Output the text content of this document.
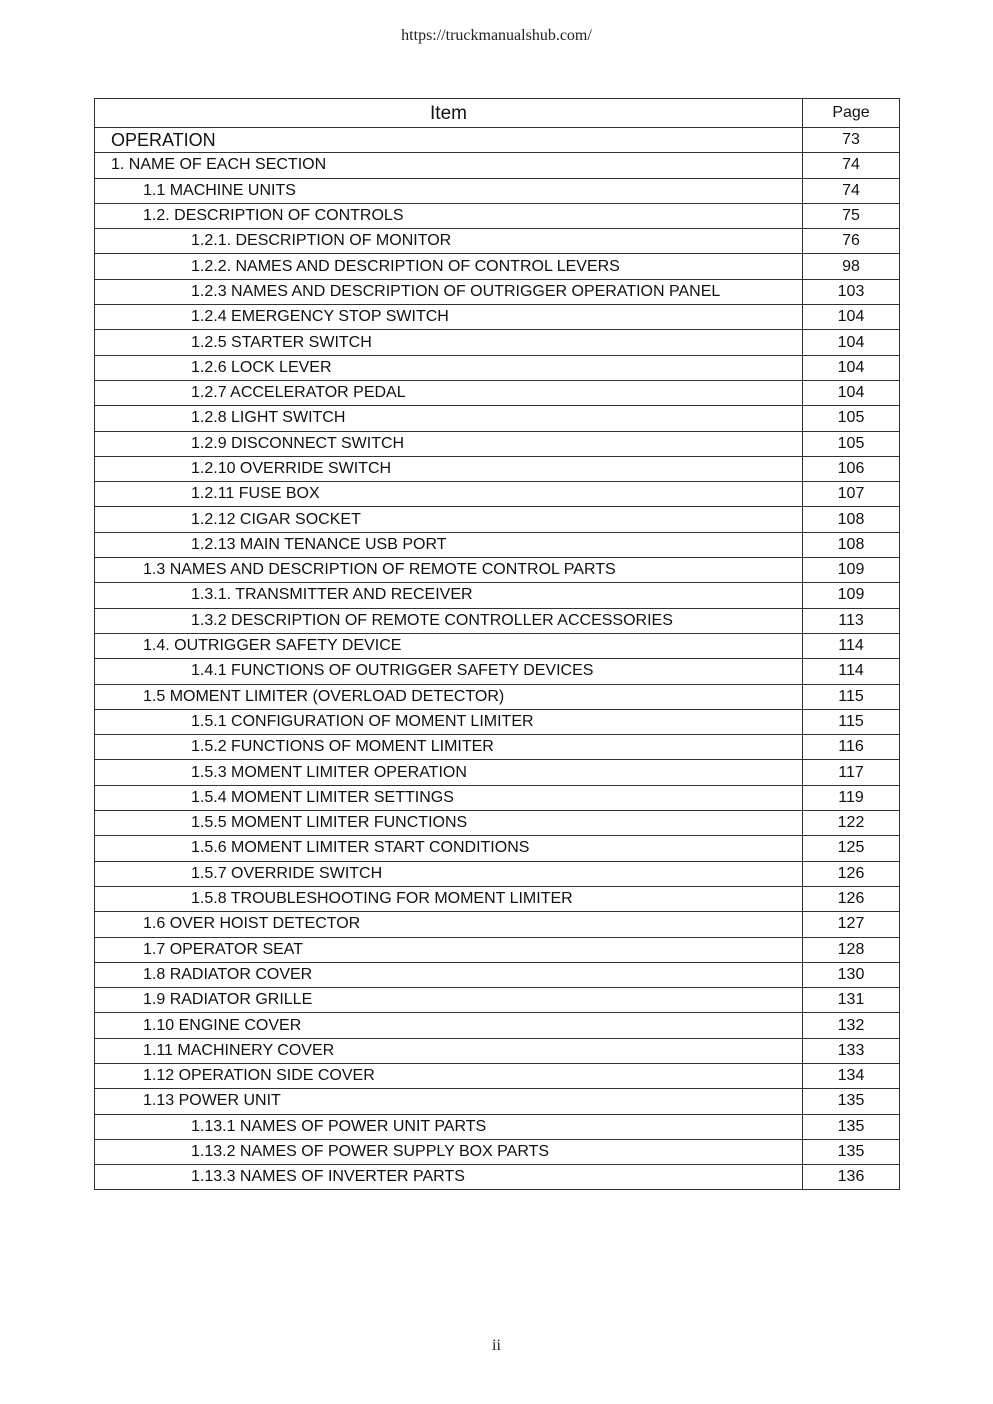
https://truckmanualshub.com/
Item	Page
OPERATION	73
1. NAME OF EACH SECTION	74
1.1 MACHINE UNITS	74
1.2. DESCRIPTION OF CONTROLS	75
1.2.1. DESCRIPTION OF MONITOR	76
1.2.2. NAMES AND DESCRIPTION OF CONTROL LEVERS	98
1.2.3 NAMES AND DESCRIPTION OF OUTRIGGER OPERATION PANEL	103
1.2.4 EMERGENCY STOP SWITCH	104
1.2.5 STARTER SWITCH	104
1.2.6 LOCK LEVER	104
1.2.7 ACCELERATOR PEDAL	104
1.2.8 LIGHT SWITCH	105
1.2.9 DISCONNECT SWITCH	105
1.2.10 OVERRIDE SWITCH	106
1.2.11 FUSE BOX	107
1.2.12 CIGAR SOCKET	108
1.2.13 MAIN TENANCE USB PORT	108
1.3 NAMES AND DESCRIPTION OF REMOTE CONTROL PARTS	109
1.3.1. TRANSMITTER AND RECEIVER	109
1.3.2 DESCRIPTION OF REMOTE CONTROLLER ACCESSORIES	113
1.4. OUTRIGGER SAFETY DEVICE	114
1.4.1 FUNCTIONS OF OUTRIGGER SAFETY DEVICES	114
1.5 MOMENT LIMITER (OVERLOAD DETECTOR)	115
1.5.1 CONFIGURATION OF MOMENT LIMITER	115
1.5.2 FUNCTIONS OF MOMENT LIMITER	116
1.5.3 MOMENT LIMITER OPERATION	117
1.5.4 MOMENT LIMITER SETTINGS	119
1.5.5 MOMENT LIMITER FUNCTIONS	122
1.5.6 MOMENT LIMITER START CONDITIONS	125
1.5.7 OVERRIDE SWITCH	126
1.5.8 TROUBLESHOOTING FOR MOMENT LIMITER	126
1.6 OVER HOIST DETECTOR	127
1.7 OPERATOR SEAT	128
1.8 RADIATOR COVER	130
1.9 RADIATOR GRILLE	131
1.10 ENGINE COVER	132
1.11 MACHINERY COVER	133
1.12 OPERATION SIDE COVER	134
1.13 POWER UNIT	135
1.13.1 NAMES OF POWER UNIT PARTS	135
1.13.2 NAMES OF POWER SUPPLY BOX PARTS	135
1.13.3 NAMES OF INVERTER PARTS	136
ii
